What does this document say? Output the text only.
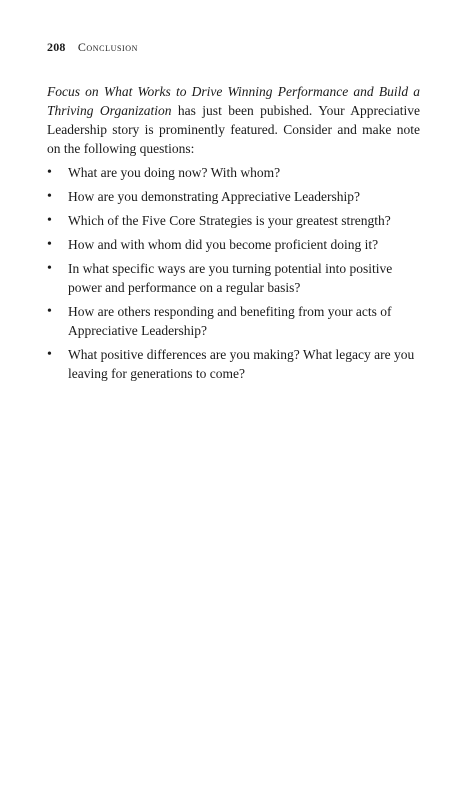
208 Conclusion

Focus on What Works to Drive Winning Performance and Build a Thriving Organization has just been pubished. Your Appreciative Leadership story is prominently featured. Consider and make note on the following questions:

• What are you doing now? With whom?
• How are you demonstrating Appreciative Leadership?
• Which of the Five Core Strategies is your greatest strength?
• How and with whom did you become proficient doing it?
• In what specific ways are you turning potential into positive power and performance on a regular basis?
• How are others responding and benefiting from your acts of Appreciative Leadership?
• What positive differences are you making? What legacy are you leaving for generations to come?
